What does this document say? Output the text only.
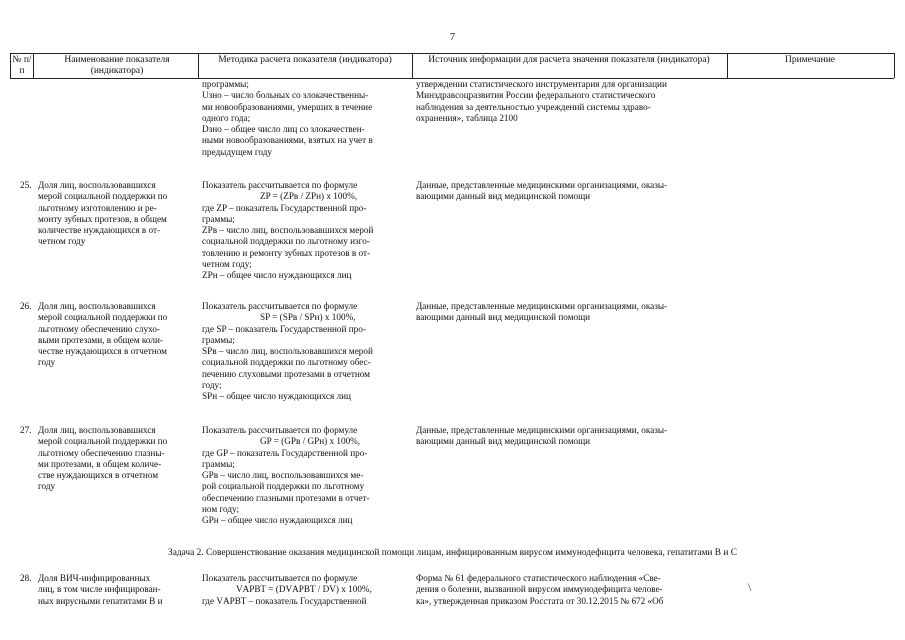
7
№ п/п
Наименование показателя (индикатора)
Методика расчета показателя (индикатора)	Источник информации для расчета значения показателя (индикатора)	Примечание
программы;
Uзно – число больных со злокачественны-
ми новообразованиями, умерших в течение
одного года;
Dзно – общее число лиц со злокачествен-
ными новообразованиями, взятых на учет в
предыдущем году
утверждении статистического инструментария для организации
Минздравсоцразвития России федерального статистического
наблюдения за деятельностью учреждений системы здраво-
охранения», таблица 2100
25. Доля лиц, воспользовавшихся
мерой социальной поддержки по
льготному изготовлению и ре-
монту зубных протезов, в общем
количестве нуждающихся в от-
четном году
Показатель рассчитывается по формуле
ZP = (ZPв / ZPн) x 100%,
где ZP – показатель Государственной про-
граммы;
ZPв – число лиц, воспользовавшихся мерой
социальной поддержки по льготному изго-
товлению и ремонту зубных протезов в от-
четном году;
ZPн – общее число нуждающихся лиц
Данные, представленные медицинскими организациями, оказы-
вающими данный вид медицинской помощи
26. Доля лиц, воспользовавшихся
мерой социальной поддержки по
льготному обеспечению слухо-
выми протезами, в общем коли-
честве нуждающихся в отчетном
году
Показатель рассчитывается по формуле
SP = (SPв / SPн) x 100%,
где SP – показатель Государственной про-
граммы;
SPв – число лиц, воспользовавшихся мерой
социальной поддержки по льготному обес-
печению слуховыми протезами в отчетном
году;
SPн – общее число нуждающихся лиц
Данные, представленные медицинскими организациями, оказы-
вающими данный вид медицинской помощи
27. Доля лиц, воспользовавшихся
мерой социальной поддержки по
льготному обеспечению глазны-
ми протезами, в общем количе-
стве нуждающихся в отчетном
году
Показатель рассчитывается по формуле
GP = (GPв / GPн) x 100%,
где GP – показатель Государственной про-
граммы;
GPв – число лиц, воспользовавшихся ме-
рой социальной поддержки по льготному
обеспечению глазными протезами в отчет-
ном году;
GPн – общее число нуждающихся лиц
Данные, представленные медицинскими организациями, оказы-
вающими данный вид медицинской помощи
Задача 2. Совершенствование оказания медицинской помощи лицам, инфицированным вирусом иммунодефицита человека, гепатитами В и С
28. Доля ВИЧ-инфицированных
лиц, в том числе инфицирован-
ных вирусными гепатитами В и
Показатель рассчитывается по формуле
VАРВТ = (DVАРВТ / DV) x 100%,
где VАРВТ – показатель Государственной
Форма № 61 федерального статистического наблюдения «Све-
дения о болезни, вызванной вирусом иммунодефицита челове-
ка», утвержденная приказом Росстата от 30.12.2015 № 672 «Об
\
